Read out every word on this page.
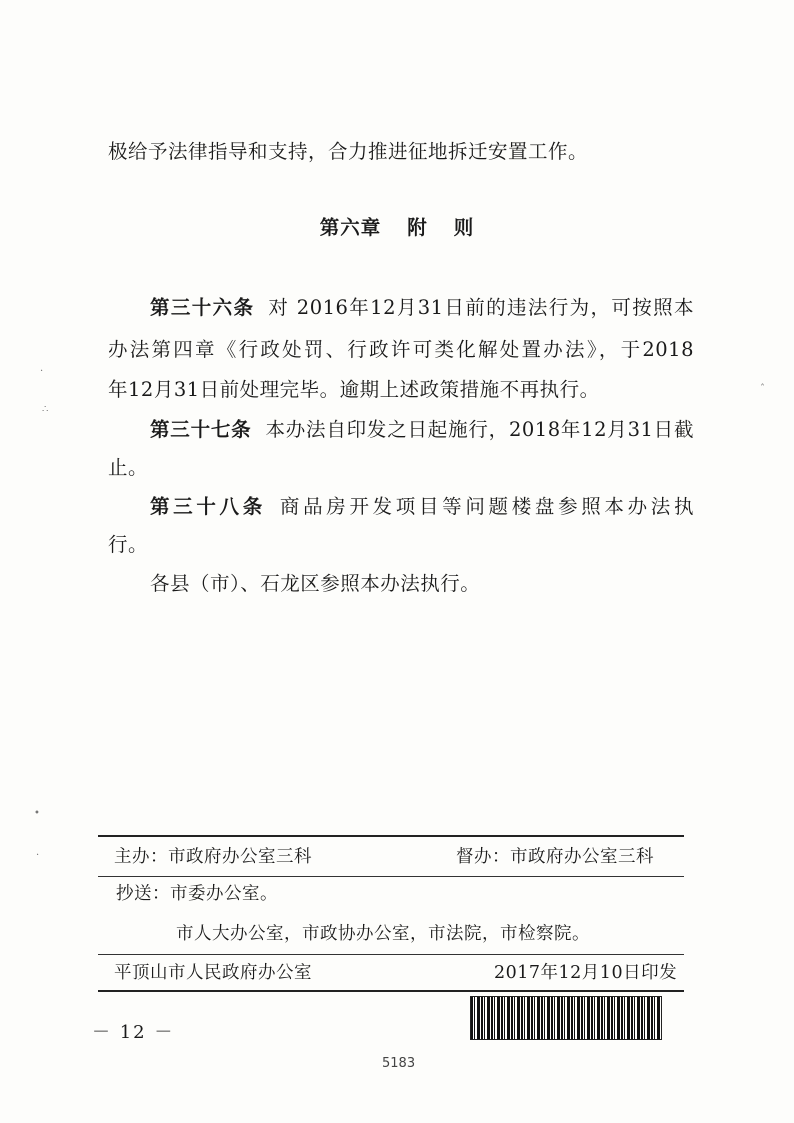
极给予法律指导和支持，合力推进征地拆迁安置工作。
第六章 附 则
第三十六条 对 2016年12月31日前的违法行为，可按照本
办法第四章《行政处罚、行政许可类化解处置办法》，于2018
年12月31日前处理完毕。逾期上述政策措施不再执行。
第三十七条 本办法自印发之日起施行，2018年12月31日截
止。
第三十八条 商品房开发项目等问题楼盘参照本办法执
行。
各县（市）、石龙区参照本办法执行。
主办：市政府办公室三科	督办：市政府办公室三科
抄送：市委办公室。
市人大办公室，市政协办公室，市法院，市检察院。
平顶山市人民政府办公室	2017年12月10日印发
－ 12 －
5183
·
∴
•
·
ˆ
